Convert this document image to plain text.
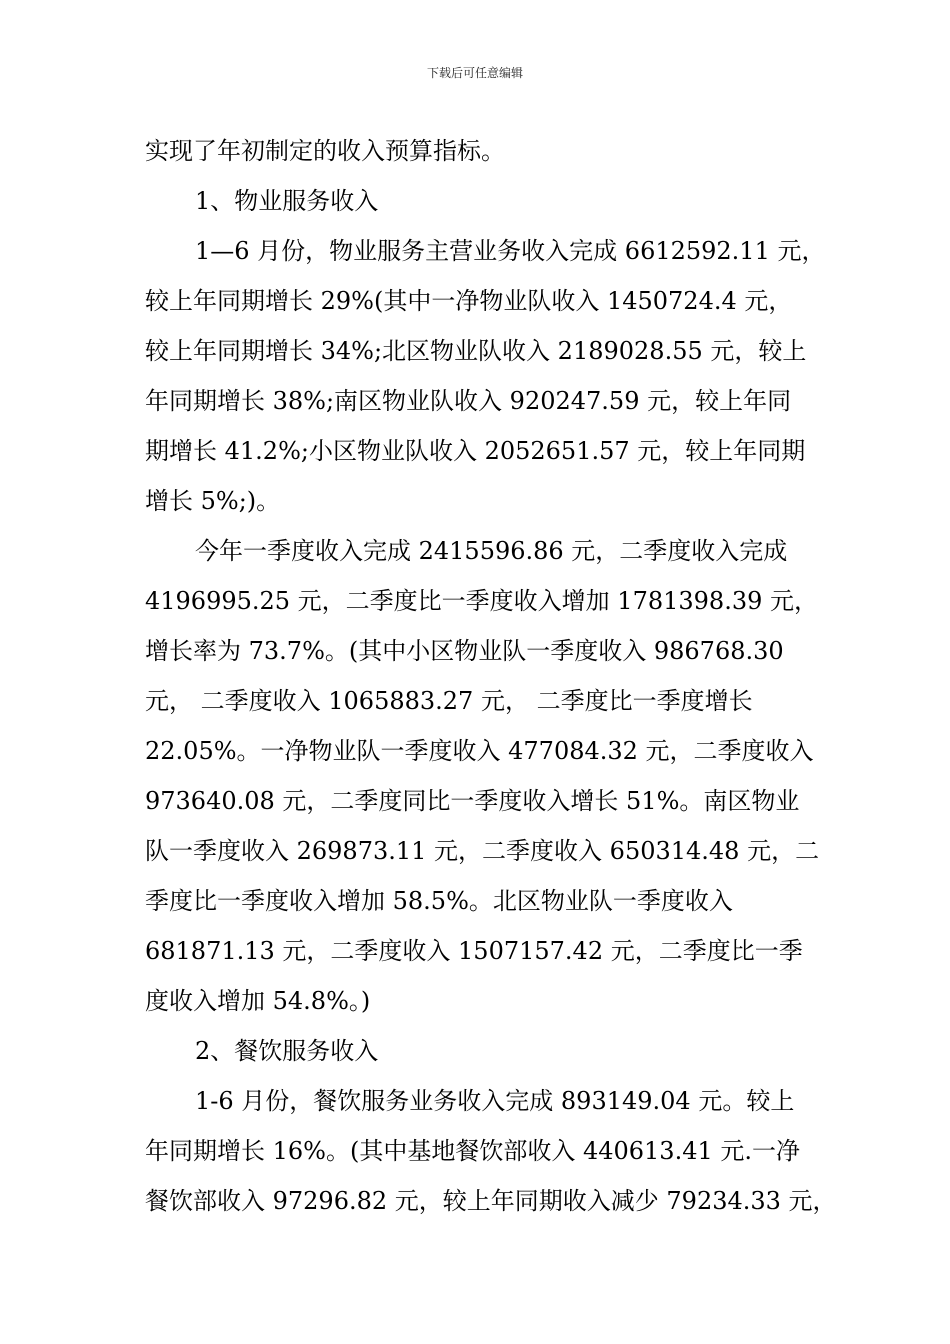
下载后可任意编辑
实现了年初制定的收入预算指标。
1、物业服务收入
1—6 月份，物业服务主营业务收入完成 6612592.11 元，
较上年同期增长 29%(其中一净物业队收入 1450724.4 元，
较上年同期增长 34%;北区物业队收入 2189028.55 元，较上
年同期增长 38%;南区物业队收入 920247.59 元，较上年同
期增长 41.2%;小区物业队收入 2052651.57 元，较上年同期
增长 5%;)。
今年一季度收入完成 2415596.86 元，二季度收入完成
4196995.25 元，二季度比一季度收入增加 1781398.39 元，
增长率为 73.7%。(其中小区物业队一季度收入 986768.30
元， 二季度收入 1065883.27 元， 二季度比一季度增长
22.05%。一净物业队一季度收入 477084.32 元，二季度收入
973640.08 元，二季度同比一季度收入增长 51%。南区物业
队一季度收入 269873.11 元，二季度收入 650314.48 元，二
季度比一季度收入增加 58.5%。北区物业队一季度收入
681871.13 元，二季度收入 1507157.42 元，二季度比一季
度收入增加 54.8%。)
2、餐饮服务收入
1-6 月份，餐饮服务业务收入完成 893149.04 元。较上
年同期增长 16%。(其中基地餐饮部收入 440613.41 元.一净
餐饮部收入 97296.82 元，较上年同期收入减少 79234.33 元，
